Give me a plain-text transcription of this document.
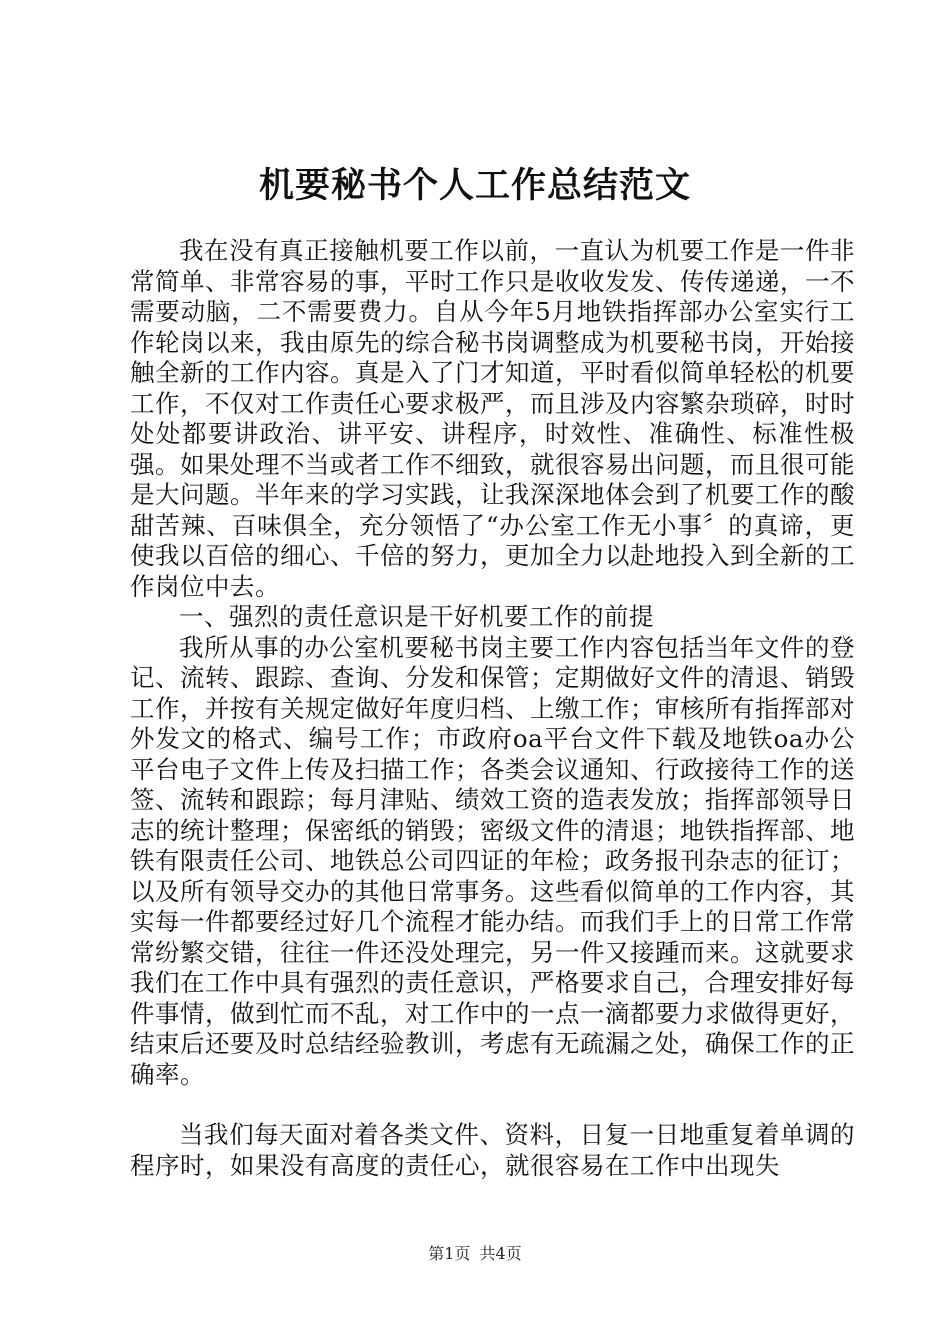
机要秘书个人工作总结范文

我在没有真正接触机要工作以前，一直认为机要工作是一件非常简单、非常容易的事，平时工作只是收收发发、传传递递，一不需要动脑，二不需要费力。自从今年5月地铁指挥部办公室实行工作轮岗以来，我由原先的综合秘书岗调整成为机要秘书岗，开始接触全新的工作内容。真是入了门才知道，平时看似简单轻松的机要工作，不仅对工作责任心要求极严，而且涉及内容繁杂琐碎，时时处处都要讲政治、讲平安、讲程序，时效性、准确性、标准性极强。如果处理不当或者工作不细致，就很容易出问题，而且很可能是大问题。半年来的学习实践，让我深深地体会到了机要工作的酸甜苦辣、百味俱全，充分领悟了“办公室工作无小事〞的真谛，更使我以百倍的细心、千倍的努力，更加全力以赴地投入到全新的工作岗位中去。

一、强烈的责任意识是干好机要工作的前提

我所从事的办公室机要秘书岗主要工作内容包括当年文件的登记、流转、跟踪、查询、分发和保管；定期做好文件的清退、销毁工作，并按有关规定做好年度归档、上缴工作；审核所有指挥部对外发文的格式、编号工作；市政府oa平台文件下载及地铁oa办公平台电子文件上传及扫描工作；各类会议通知、行政接待工作的送签、流转和跟踪；每月津贴、绩效工资的造表发放；指挥部领导日志的统计整理；保密纸的销毁；密级文件的清退；地铁指挥部、地铁有限责任公司、地铁总公司四证的年检；政务报刊杂志的征订；以及所有领导交办的其他日常事务。这些看似简单的工作内容，其实每一件都要经过好几个流程才能办结。而我们手上的日常工作常常纷繁交错，往往一件还没处理完，另一件又接踵而来。这就要求我们在工作中具有强烈的责任意识，严格要求自己，合理安排好每件事情，做到忙而不乱，对工作中的一点一滴都要力求做得更好，结束后还要及时总结经验教训，考虑有无疏漏之处，确保工作的正确率。

当我们每天面对着各类文件、资料，日复一日地重复着单调的程序时，如果没有高度的责任心，就很容易在工作中出现失

第1页 共4页
